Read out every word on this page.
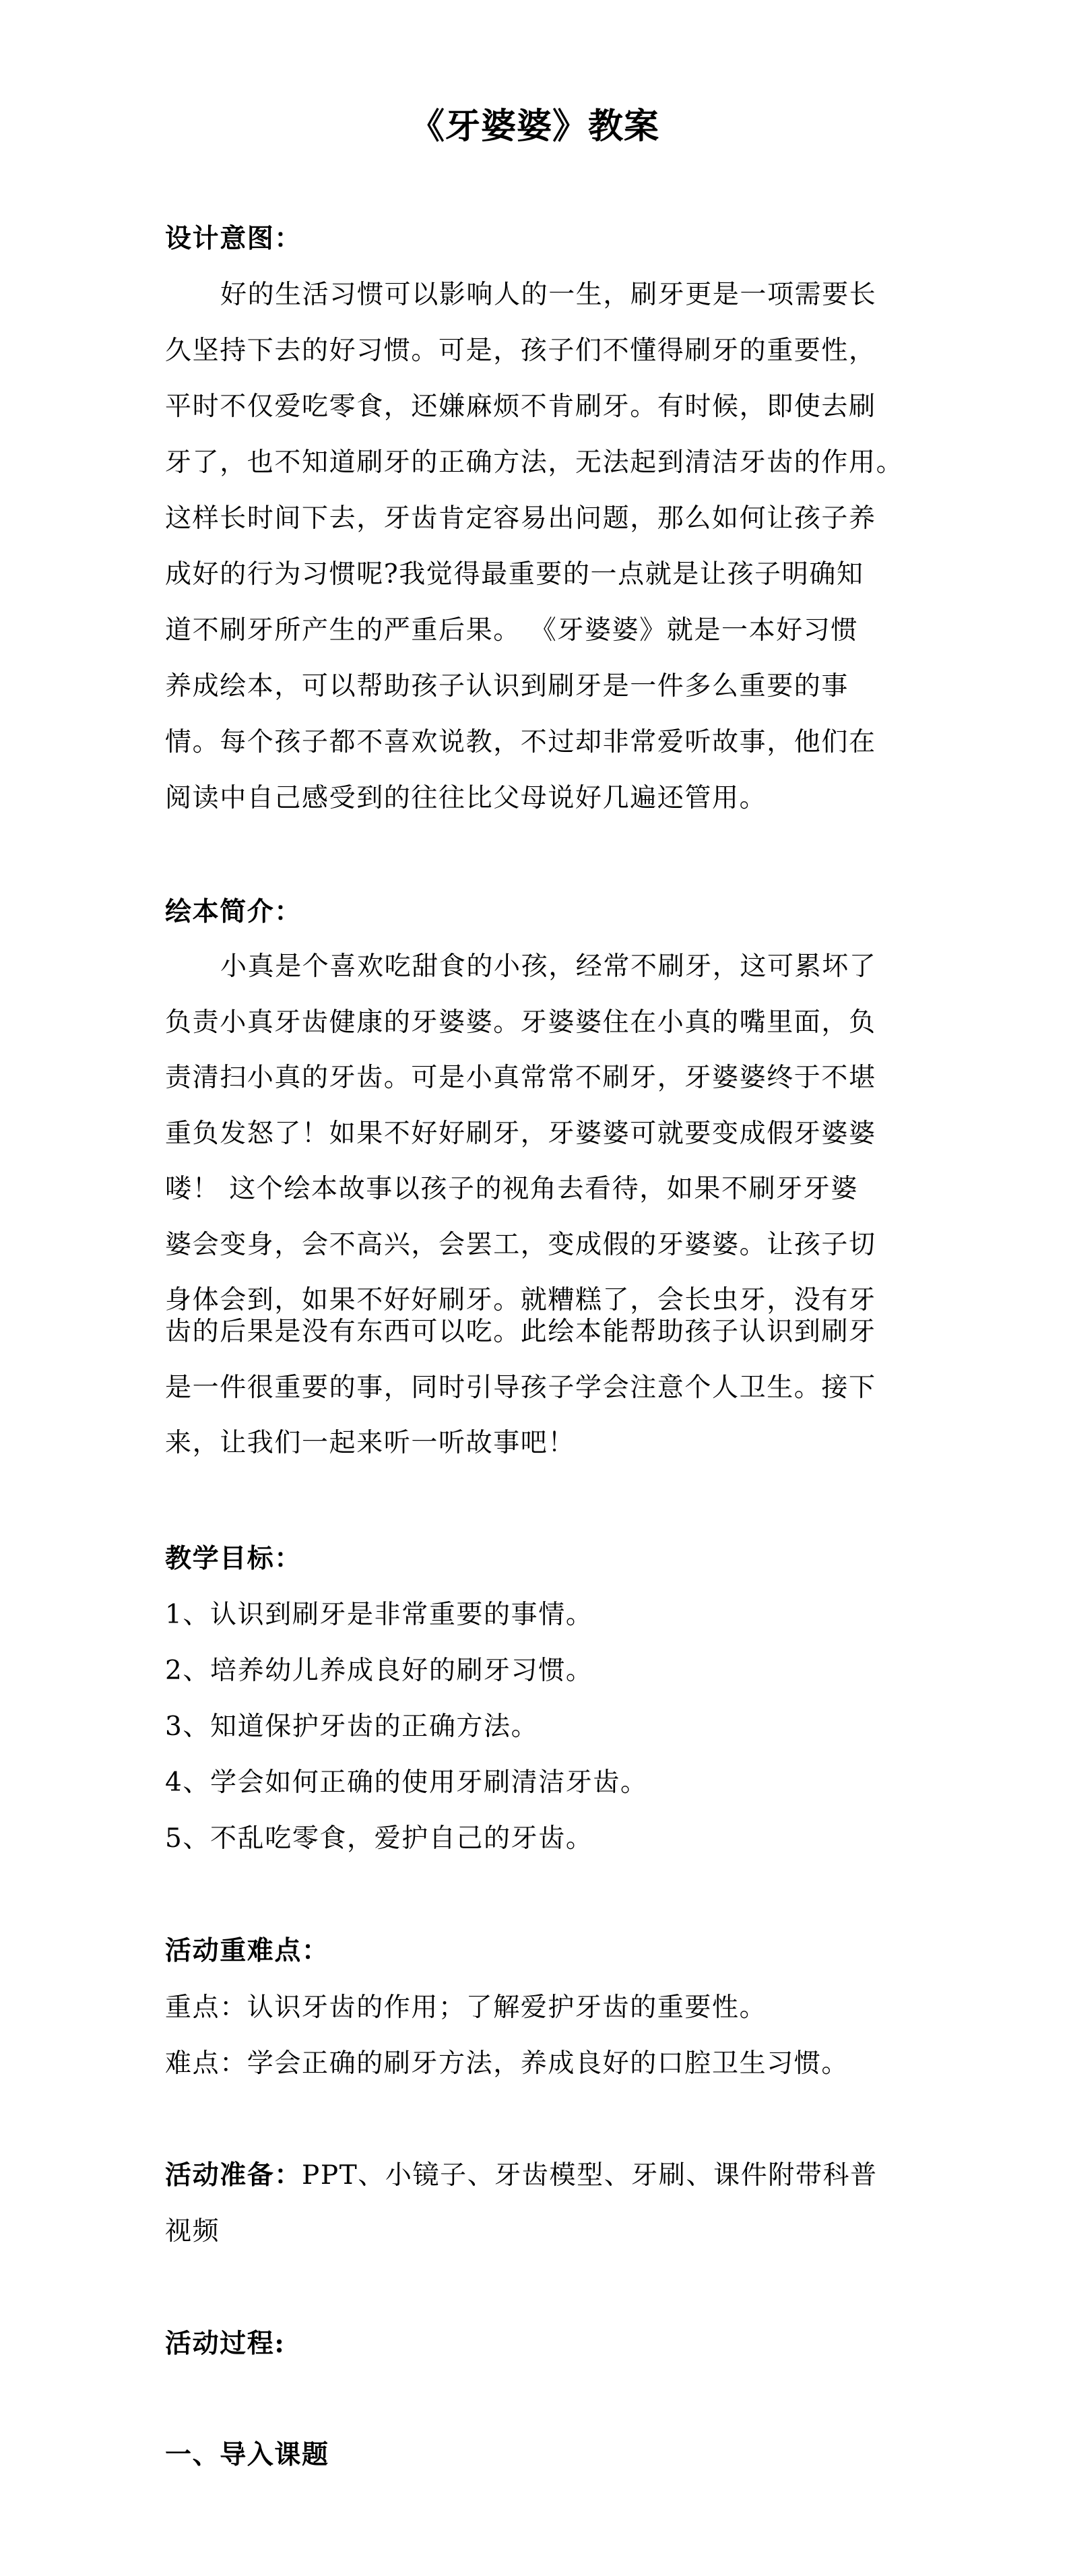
《牙婆婆》教案
设计意图：
好的生活习惯可以影响人的一生，刷牙更是一项需要长
久坚持下去的好习惯。可是，孩子们不懂得刷牙的重要性，
平时不仅爱吃零食，还嫌麻烦不肯刷牙。有时候，即使去刷
牙了，也不知道刷牙的正确方法，无法起到清洁牙齿的作用。
这样长时间下去，牙齿肯定容易出问题，那么如何让孩子养
成好的行为习惯呢?我觉得最重要的一点就是让孩子明确知
道不刷牙所产生的严重后果。 《牙婆婆》就是一本好习惯
养成绘本，可以帮助孩子认识到刷牙是一件多么重要的事
情。每个孩子都不喜欢说教，不过却非常爱听故事，他们在
阅读中自己感受到的往往比父母说好几遍还管用。
绘本简介：
小真是个喜欢吃甜食的小孩，经常不刷牙，这可累坏了
负责小真牙齿健康的牙婆婆。牙婆婆住在小真的嘴里面，负
责清扫小真的牙齿。可是小真常常不刷牙，牙婆婆终于不堪
重负发怒了！如果不好好刷牙，牙婆婆可就要变成假牙婆婆
喽！ 这个绘本故事以孩子的视角去看待，如果不刷牙牙婆
婆会变身，会不高兴，会罢工，变成假的牙婆婆。让孩子切
身体会到，如果不好好刷牙。就糟糕了，会长虫牙，没有牙
齿的后果是没有东西可以吃。此绘本能帮助孩子认识到刷牙
是一件很重要的事，同时引导孩子学会注意个人卫生。接下
来，让我们一起来听一听故事吧！
教学目标：
1、认识到刷牙是非常重要的事情。
2、培养幼儿养成良好的刷牙习惯。
3、知道保护牙齿的正确方法。
4、学会如何正确的使用牙刷清洁牙齿。
5、不乱吃零食，爱护自己的牙齿。
活动重难点：
重点：认识牙齿的作用；了解爱护牙齿的重要性。
难点：学会正确的刷牙方法，养成良好的口腔卫生习惯。
活动准备：PPT、小镜子、牙齿模型、牙刷、课件附带科普
视频
活动过程:
一、导入课题
